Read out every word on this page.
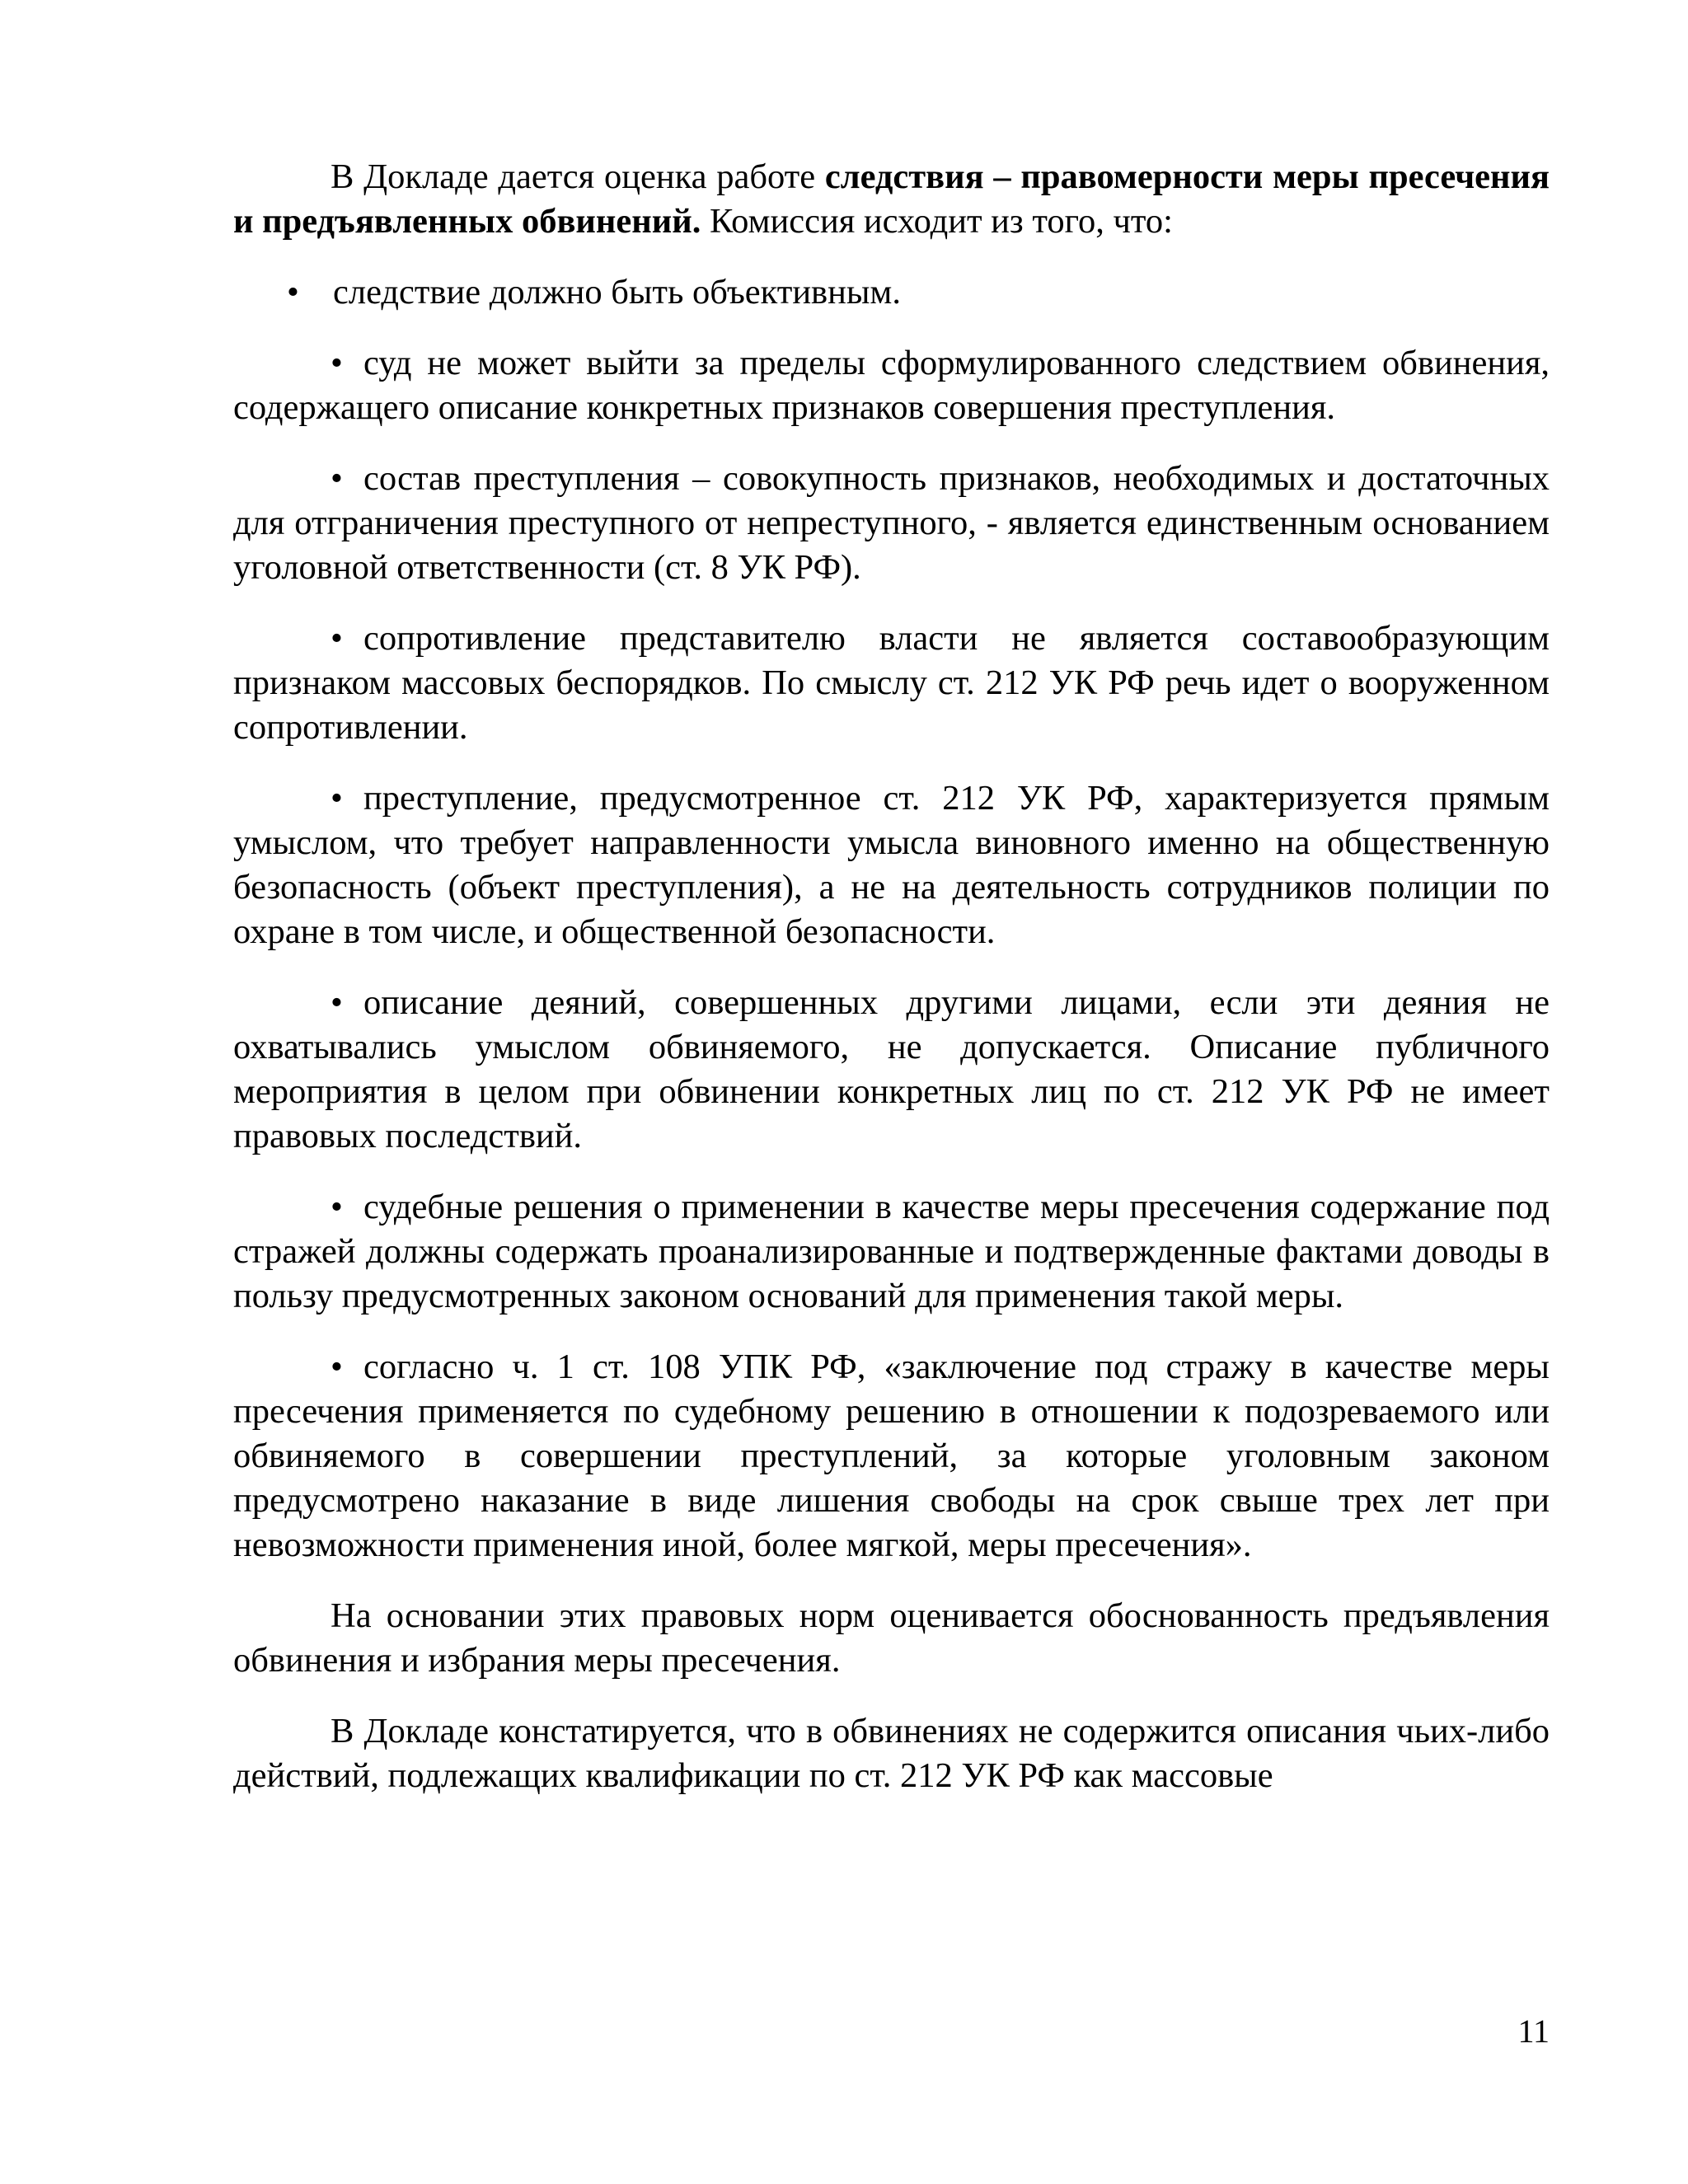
В Докладе дается оценка работе следствия – правомерности меры пресечения и предъявленных обвинений. Комиссия исходит из того, что:

• следствие должно быть объективным.

• суд не может выйти за пределы сформулированного следствием обвинения, содержащего описание конкретных признаков совершения преступления.

• состав преступления – совокупность признаков, необходимых и достаточных для отграничения преступного от непреступного, - является единственным основанием уголовной ответственности (ст. 8 УК РФ).

• сопротивление представителю власти не является составообразующим признаком массовых беспорядков. По смыслу ст. 212 УК РФ речь идет о вооруженном сопротивлении.

• преступление, предусмотренное ст. 212 УК РФ, характеризуется прямым умыслом, что требует направленности умысла виновного именно на общественную безопасность (объект преступления), а не на деятельность сотрудников полиции по охране в том числе, и общественной безопасности.

• описание деяний, совершенных другими лицами, если эти деяния не охватывались умыслом обвиняемого, не допускается. Описание публичного мероприятия в целом при обвинении конкретных лиц по ст. 212 УК РФ не имеет правовых последствий.

• судебные решения о применении в качестве меры пресечения содержание под стражей должны содержать проанализированные и подтвержденные фактами доводы в пользу предусмотренных законом оснований для применения такой меры.

• согласно ч. 1 ст. 108 УПК РФ, «заключение под стражу в качестве меры пресечения применяется по судебному решению в отношении к подозреваемого или обвиняемого в совершении преступлений, за которые уголовным законом предусмотрено наказание в виде лишения свободы на срок свыше трех лет при невозможности применения иной, более мягкой, меры пресечения».

На основании этих правовых норм оценивается обоснованность предъявления обвинения и избрания меры пресечения.

В Докладе констатируется, что в обвинениях не содержится описания чьих-либо действий, подлежащих квалификации по ст. 212 УК РФ как массовые

11
